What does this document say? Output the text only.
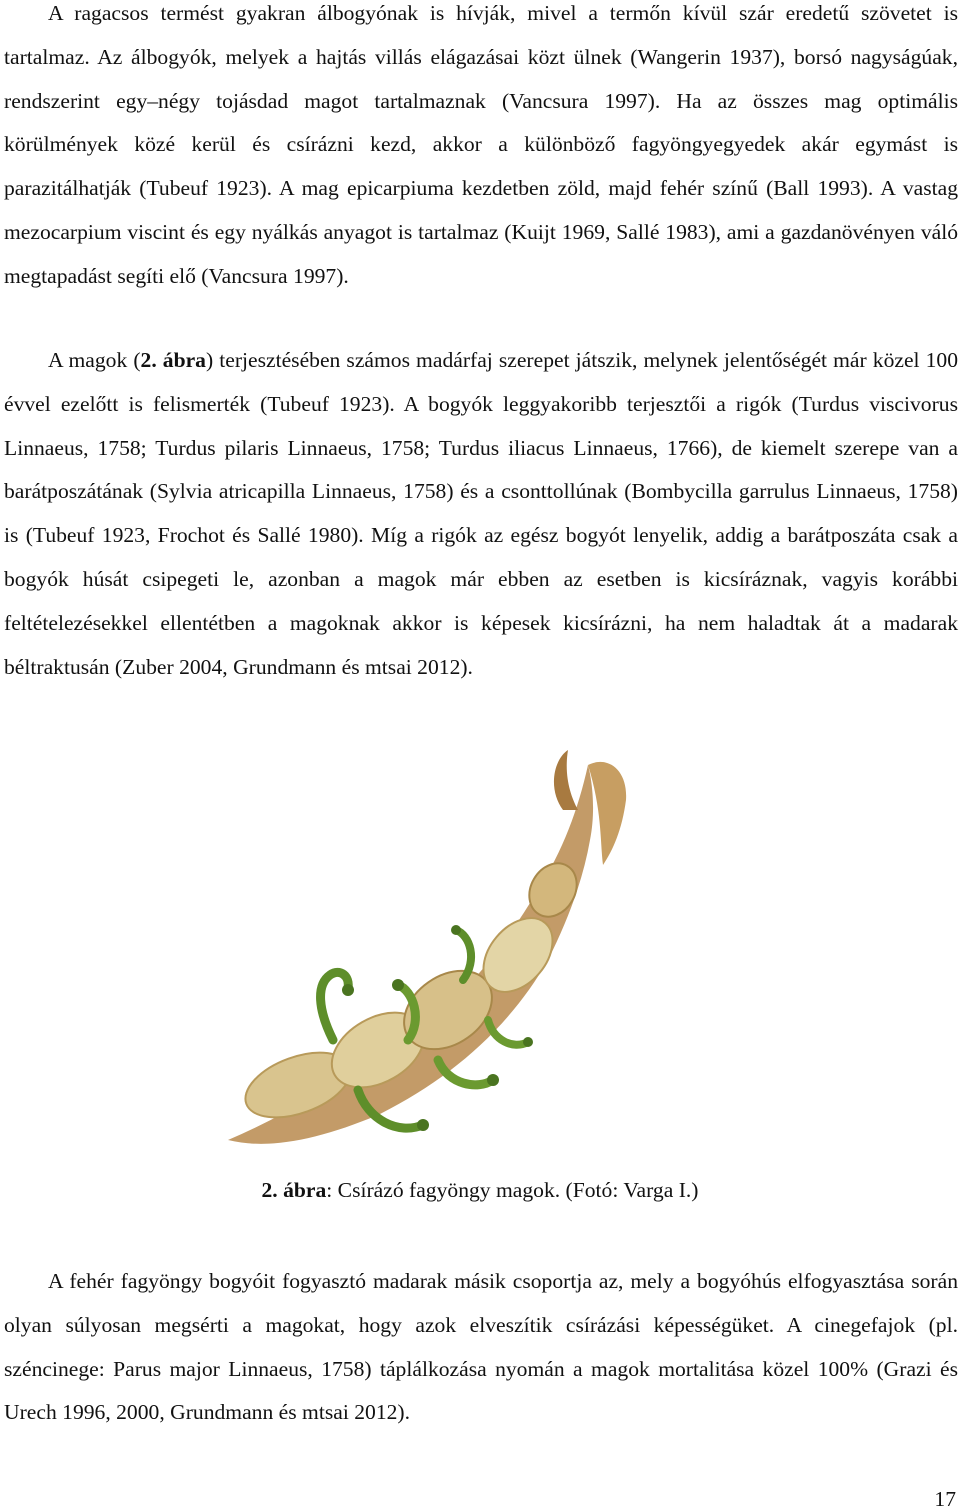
A ragacsos termést gyakran álbogyónak is hívják, mivel a termőn kívül szár eredetű szövetet is tartalmaz. Az álbogyók, melyek a hajtás villás elágazásai közt ülnek (Wangerin 1937), borsó nagyságúak, rendszerint egy–négy tojásdad magot tartalmaznak (Vancsura 1997). Ha az összes mag optimális körülmények közé kerül és csírázni kezd, akkor a különböző fagyöngyegyedek akár egymást is parazitálhatják (Tubeuf 1923). A mag epicarpiuma kezdetben zöld, majd fehér színű (Ball 1993). A vastag mezocarpium viscint és egy nyálkás anyagot is tartalmaz (Kuijt 1969, Sallé 1983), ami a gazdanövényen váló megtapadást segíti elő (Vancsura 1997).

A magok (2. ábra) terjesztésében számos madárfaj szerepet játszik, melynek jelentőségét már közel 100 évvel ezelőtt is felismerték (Tubeuf 1923). A bogyók leggyakoribb terjesztői a rigók (Turdus viscivorus Linnaeus, 1758; Turdus pilaris Linnaeus, 1758; Turdus iliacus Linnaeus, 1766), de kiemelt szerepe van a barátposzátának (Sylvia atricapilla Linnaeus, 1758) és a csonttollúnak (Bombycilla garrulus Linnaeus, 1758) is (Tubeuf 1923, Frochot és Sallé 1980). Míg a rigók az egész bogyót lenyelik, addig a barátposzáta csak a bogyók húsát csipegeti le, azonban a magok már ebben az esetben is kicsíráznak, vagyis korábbi feltételezésekkel ellentétben a magoknak akkor is képesek kicsírázni, ha nem haladtak át a madarak béltraktusán (Zuber 2004, Grundmann és mtsai 2012).

2. ábra: Csírázó fagyöngy magok. (Fotó: Varga I.)

A fehér fagyöngy bogyóit fogyasztó madarak másik csoportja az, mely a bogyóhús elfogyasztása során olyan súlyosan megsérti a magokat, hogy azok elveszítik csírázási képességüket. A cinegefajok (pl. széncinege: Parus major Linnaeus, 1758) táplálkozása nyomán a magok mortalitása közel 100% (Grazi és Urech 1996, 2000, Grundmann és mtsai 2012).

17
